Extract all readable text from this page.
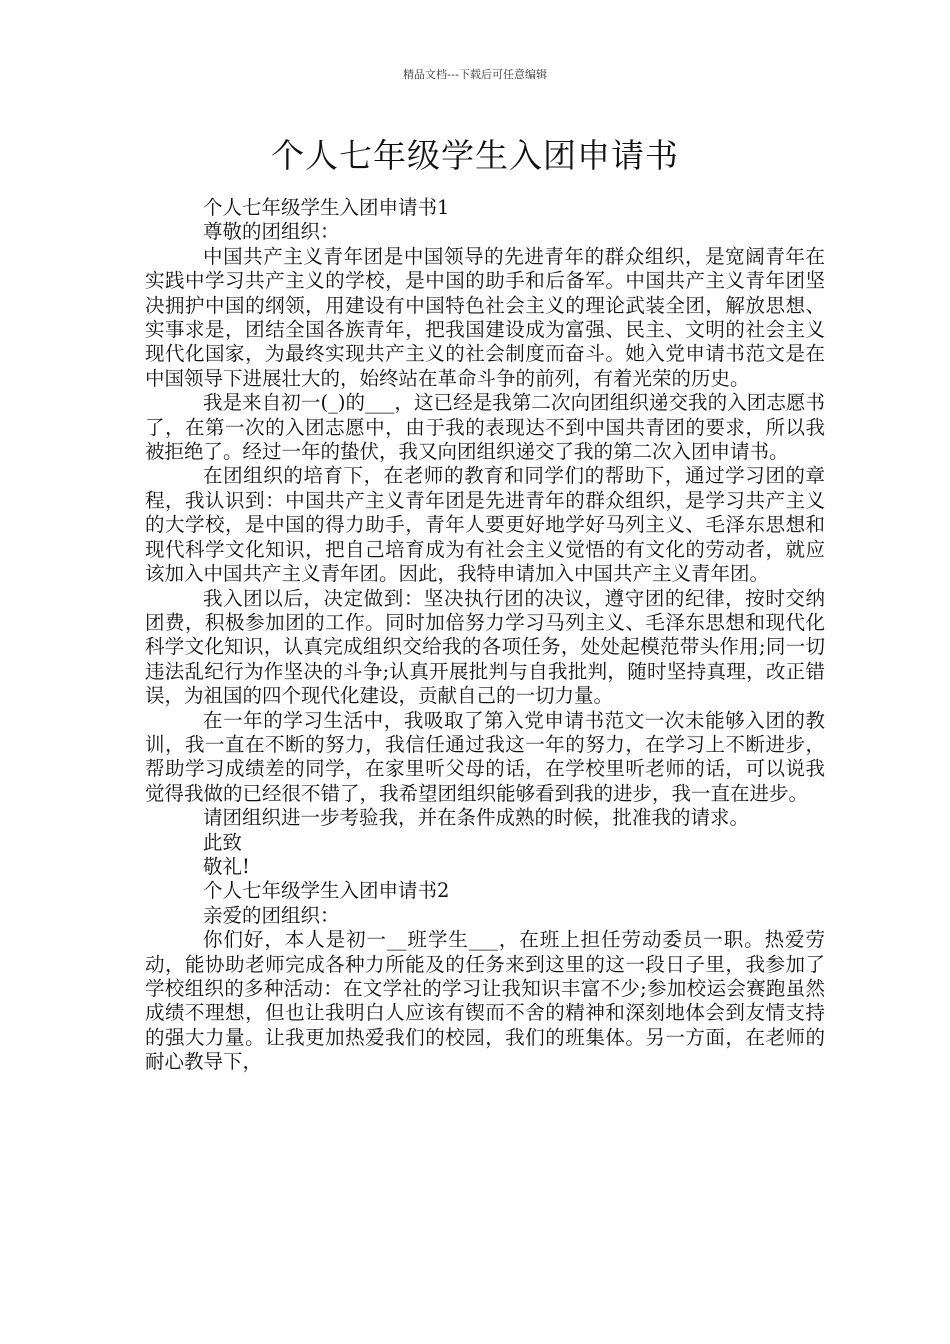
精品文档---下载后可任意编辑
个人七年级学生入团申请书

个人七年级学生入团申请书1

尊敬的团组织：

中国共产主义青年团是中国领导的先进青年的群众组织，是宽阔青年在实践中学习共产主义的学校，是中国的助手和后备军。中国共产主义青年团坚决拥护中国的纲领，用建设有中国特色社会主义的理论武装全团，解放思想、实事求是，团结全国各族青年，把我国建设成为富强、民主、文明的社会主义现代化国家，为最终实现共产主义的社会制度而奋斗。她入党申请书范文是在中国领导下进展壮大的，始终站在革命斗争的前列，有着光荣的历史。

我是来自初一(_)的___，这已经是我第二次向团组织递交我的入团志愿书了，在第一次的入团志愿中，由于我的表现达不到中国共青团的要求，所以我被拒绝了。经过一年的蛰伏，我又向团组织递交了我的第二次入团申请书。

在团组织的培育下，在老师的教育和同学们的帮助下，通过学习团的章程，我认识到：中国共产主义青年团是先进青年的群众组织，是学习共产主义的大学校，是中国的得力助手，青年人要更好地学好马列主义、毛泽东思想和现代科学文化知识，把自己培育成为有社会主义觉悟的有文化的劳动者，就应该加入中国共产主义青年团。因此，我特申请加入中国共产主义青年团。

我入团以后，决定做到：坚决执行团的决议，遵守团的纪律，按时交纳团费，积极参加团的工作。同时加倍努力学习马列主义、毛泽东思想和现代化科学文化知识，认真完成组织交给我的各项任务，处处起模范带头作用;同一切违法乱纪行为作坚决的斗争;认真开展批判与自我批判，随时坚持真理，改正错误，为祖国的四个现代化建设，贡献自己的一切力量。

在一年的学习生活中，我吸取了第入党申请书范文一次未能够入团的教训，我一直在不断的努力，我信任通过我这一年的努力，在学习上不断进步，帮助学习成绩差的同学，在家里听父母的话，在学校里听老师的话，可以说我觉得我做的已经很不错了，我希望团组织能够看到我的进步，我一直在进步。

请团组织进一步考验我，并在条件成熟的时候，批准我的请求。

此致

敬礼!

个人七年级学生入团申请书2

亲爱的团组织：

你们好，本人是初一__班学生___，在班上担任劳动委员一职。热爱劳动，能协助老师完成各种力所能及的任务来到这里的这一段日子里，我参加了学校组织的多种活动：在文学社的学习让我知识丰富不少;参加校运会赛跑虽然成绩不理想，但也让我明白人应该有锲而不舍的精神和深刻地体会到友情支持的强大力量。让我更加热爱我们的校园，我们的班集体。另一方面，在老师的耐心教导下，
